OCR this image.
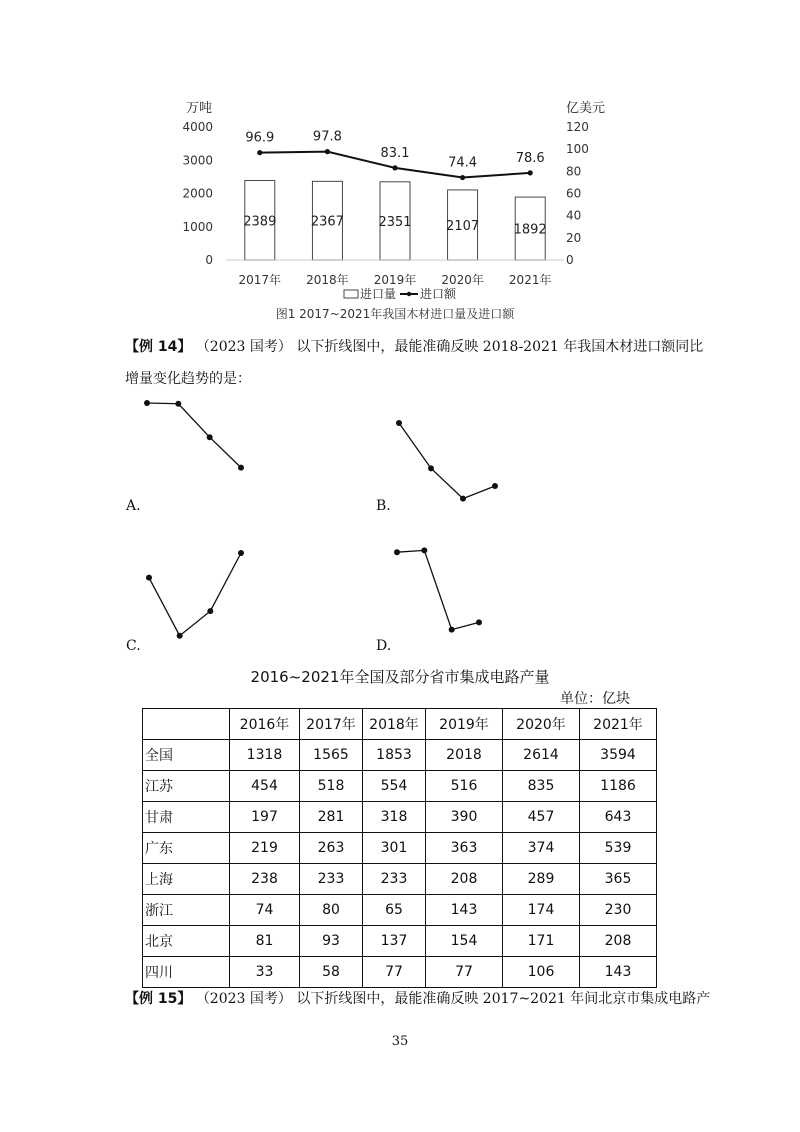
万吨	亿美元
0
1000
2000
3000
4000
0
20
40
60
80
100
120
2389	2367	2351	2107	1892
96.9	97.8
83.1
74.4	78.6
2017年 2018年 2019年 2020年 2021年
进口量 进口额
图1 2017~2021年我国木材进口量及进口额
【例 14】 （2023 国考） 以下折线图中，最能准确反映 2018-2021 年我国木材进口额同比
增量变化趋势的是：
A.	B.
C.	D.
2016~2021年全国及部分省市集成电路产量
单位：亿块
	2016年	2017年	2018年	2019年	2020年	2021年
全国	1318	1565	1853	2018	2614	3594
江苏	454	518	554	516	835	1186
甘肃	197	281	318	390	457	643
广东	219	263	301	363	374	539
上海	238	233	233	208	289	365
浙江	74	80	65	143	174	230
北京	81	93	137	154	171	208
四川	33	58	77	77	106	143
【例 15】 （2023 国考） 以下折线图中，最能准确反映 2017~2021 年间北京市集成电路产
35
